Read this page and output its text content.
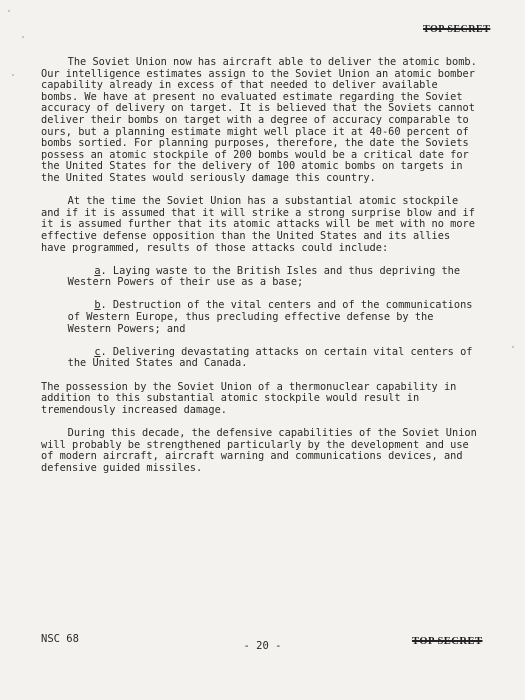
TOP SECRET

The Soviet Union now has aircraft able to deliver the atomic bomb. Our intelligence estimates assign to the Soviet Union an atomic bomber capability already in excess of that needed to deliver available bombs. We have at present no evaluated estimate regarding the Soviet accuracy of delivery on target. It is believed that the Soviets cannot deliver their bombs on target with a degree of accuracy comparable to ours, but a planning estimate might well place it at 40-60 percent of bombs sortied. For planning purposes, therefore, the date the Soviets possess an atomic stockpile of 200 bombs would be a critical date for the United States for the delivery of 100 atomic bombs on targets in the United States would seriously damage this country.

At the time the Soviet Union has a substantial atomic stockpile and if it is assumed that it will strike a strong surprise blow and if it is assumed further that its atomic attacks will be met with no more effective defense opposition than the United States and its allies have programmed, results of those attacks could include:

a. Laying waste to the British Isles and thus depriving the Western Powers of their use as a base;

b. Destruction of the vital centers and of the communications of Western Europe, thus precluding effective defense by the Western Powers; and

c. Delivering devastating attacks on certain vital centers of the United States and Canada.

The possession by the Soviet Union of a thermonuclear capability in addition to this substantial atomic stockpile would result in tremendously increased damage.

During this decade, the defensive capabilities of the Soviet Union will probably be strengthened particularly by the development and use of modern aircraft, aircraft warning and communications devices, and defensive guided missiles.

NSC 68
- 20 -	TOP SECRET
